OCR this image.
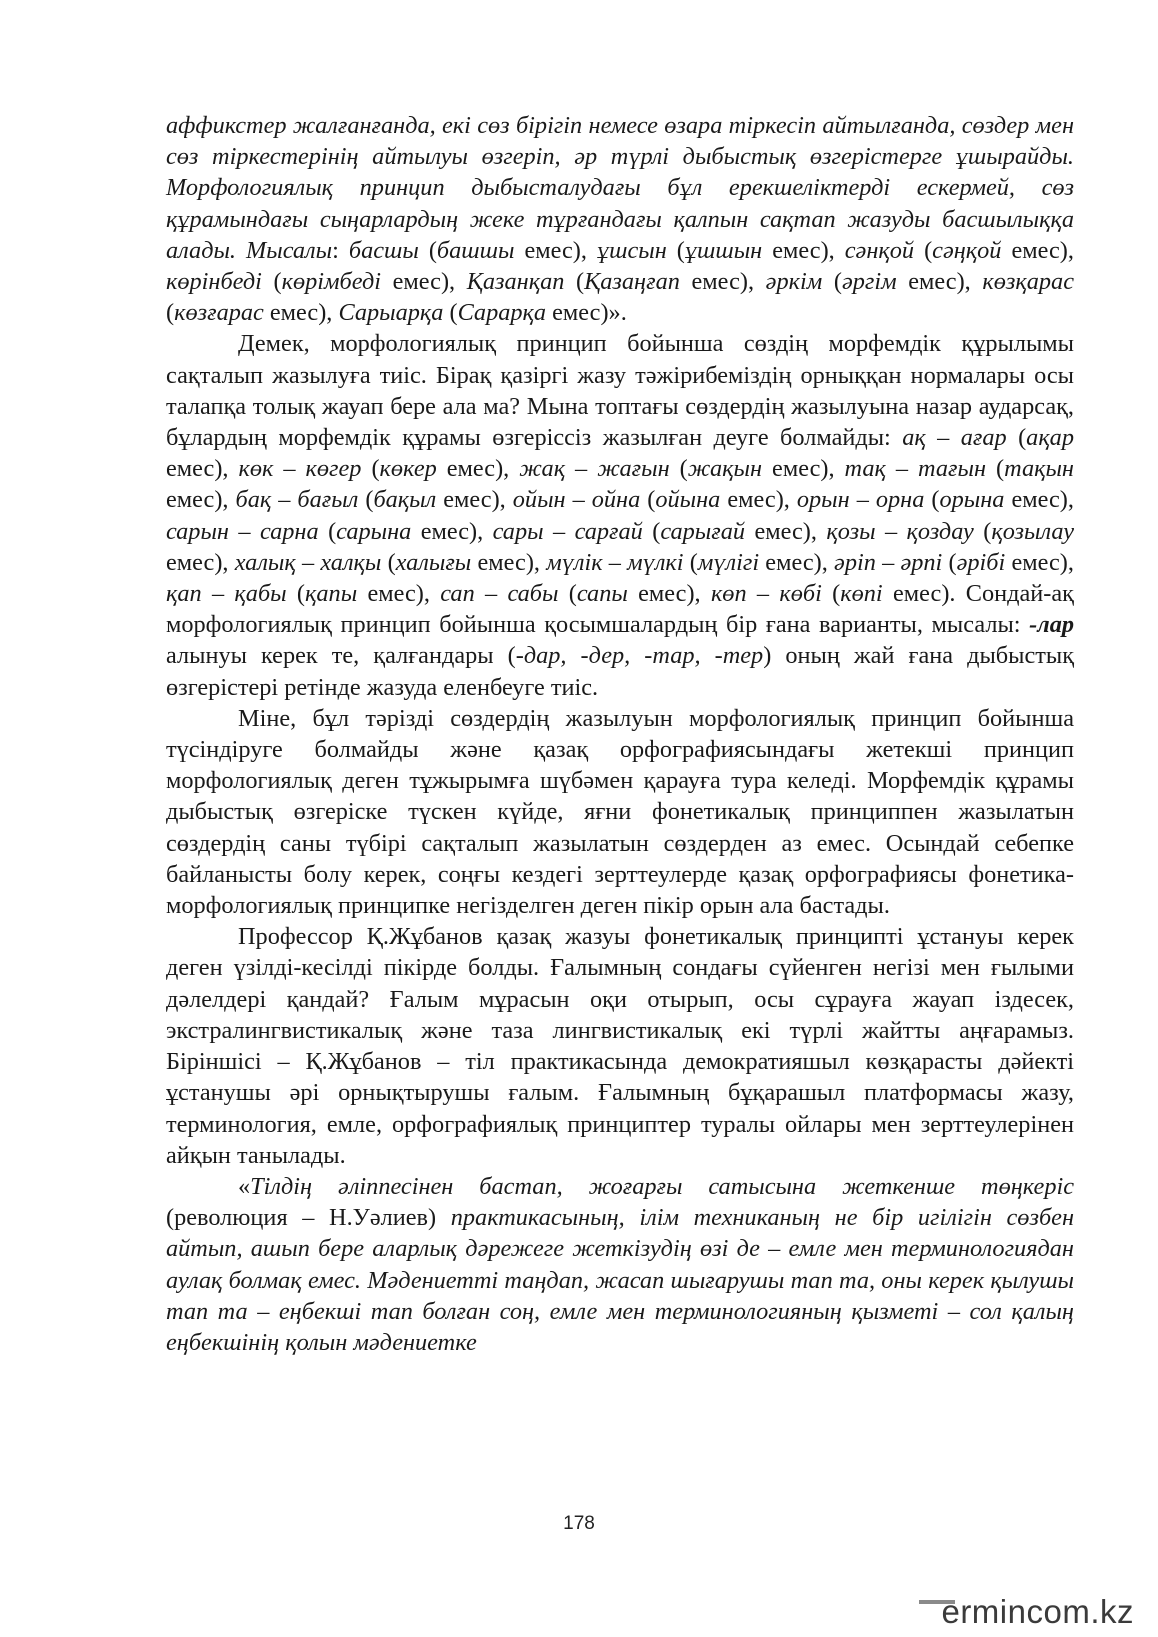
аффикстер жалғанғанда, екі сөз бірігіп немесе өзара тіркесіп айтылғанда, сөздер мен сөз тіркестерінің айтылуы өзгеріп, әр түрлі дыбыстық өзгерістерге ұшырайды. Морфологиялық принцип дыбысталудағы бұл ерекшеліктерді ескермей, сөз құрамындағы сыңарлардың жеке тұрғандағы қалпын сақтап жазуды басшылыққа алады. Мысалы: басшы (башшы емес), ұшсын (ұшшын емес), сәнқой (сәңқой емес), көрінбеді (көрімбеді емес), Қазанқап (Қазаңғап емес), әркім (әргім емес), көзқарас (көзғарас емес), Сарыарқа (Сарарқа емес)».

Демек, морфологиялық принцип бойынша сөздің морфемдік құрылымы сақталып жазылуға тиіс. Бірақ қазіргі жазу тәжірибеміздің орныққан нормалары осы талапқа толық жауап бере ала ма? Мына топтағы сөздердің жазылуына назар аударсақ, бұлардың морфемдік құрамы өзгеріссіз жазылған деуге болмайды: ақ – ағар (ақар емес), көк – көгер (көкер емес), жақ – жағын (жақын емес), тақ – тағын (тақын емес), бақ – бағыл (бақыл емес), ойын – ойна (ойына емес), орын – орна (орына емес), сарын – сарна (сарына емес), сары – сарғай (сарығай емес), қозы – қоздау (қозылау емес), халық – халқы (халығы емес), мүлік – мүлкі (мүлігі емес), әріп – әрпі (әрібі емес), қап – қабы (қапы емес), сап – сабы (сапы емес), көп – көбі (көпі емес). Сондай-ақ морфологиялық принцип бойынша қосымшалардың бір ғана варианты, мысалы: -лар алынуы керек те, қалғандары (-дар, -дер, -тар, -тер) оның жай ғана дыбыстық өзгерістері ретінде жазуда еленбеуге тиіс.

Міне, бұл тәрізді сөздердің жазылуын морфологиялық принцип бойынша түсіндіруге болмайды және қазақ орфографиясындағы жетекші принцип морфологиялық деген тұжырымға шүбәмен қарауға тура келеді. Морфемдік құрамы дыбыстық өзгеріске түскен күйде, яғни фонетикалық принциппен жазылатын сөздердің саны түбірі сақталып жазылатын сөздерден аз емес. Осындай себепке байланысты болу керек, соңғы кездегі зерттеулерде қазақ орфографиясы фонетика-морфологиялық принципке негізделген деген пікір орын ала бастады.

Профессор Қ.Жұбанов қазақ жазуы фонетикалық принципті ұстануы керек деген үзілді-кесілді пікірде болды. Ғалымның сондағы сүйенген негізі мен ғылыми дәлелдері қандай? Ғалым мұрасын оқи отырып, осы сұрауға жауап іздесек, экстралингвистикалық және таза лингвистикалық екі түрлі жайтты аңғарамыз. Біріншісі – Қ.Жұбанов – тіл практикасында демократияшыл көзқарасты дәйекті ұстанушы әрі орнықтырушы ғалым. Ғалымның бұқарашыл платформасы жазу, терминология, емле, орфографиялық принциптер туралы ойлары мен зерттеулерінен айқын танылады.

«Тілдің әліппесінен бастап, жоғарғы сатысына жеткенше төңкеріс (революция – Н.Уәлиев) практикасының, ілім техниканың не бір игілігін сөзбен айтып, ашып бере аларлық дәрежеге жеткізудің өзі де – емле мен терминологиядан аулақ болмақ емес. Мәдениетті таңдап, жасап шығарушы тап та, оны керек қылушы тап та – еңбекші тап болған соң, емле мен терминологияның қызметі – сол қалың еңбекшінің қолын мәдениетке

178
ermincom.kz
